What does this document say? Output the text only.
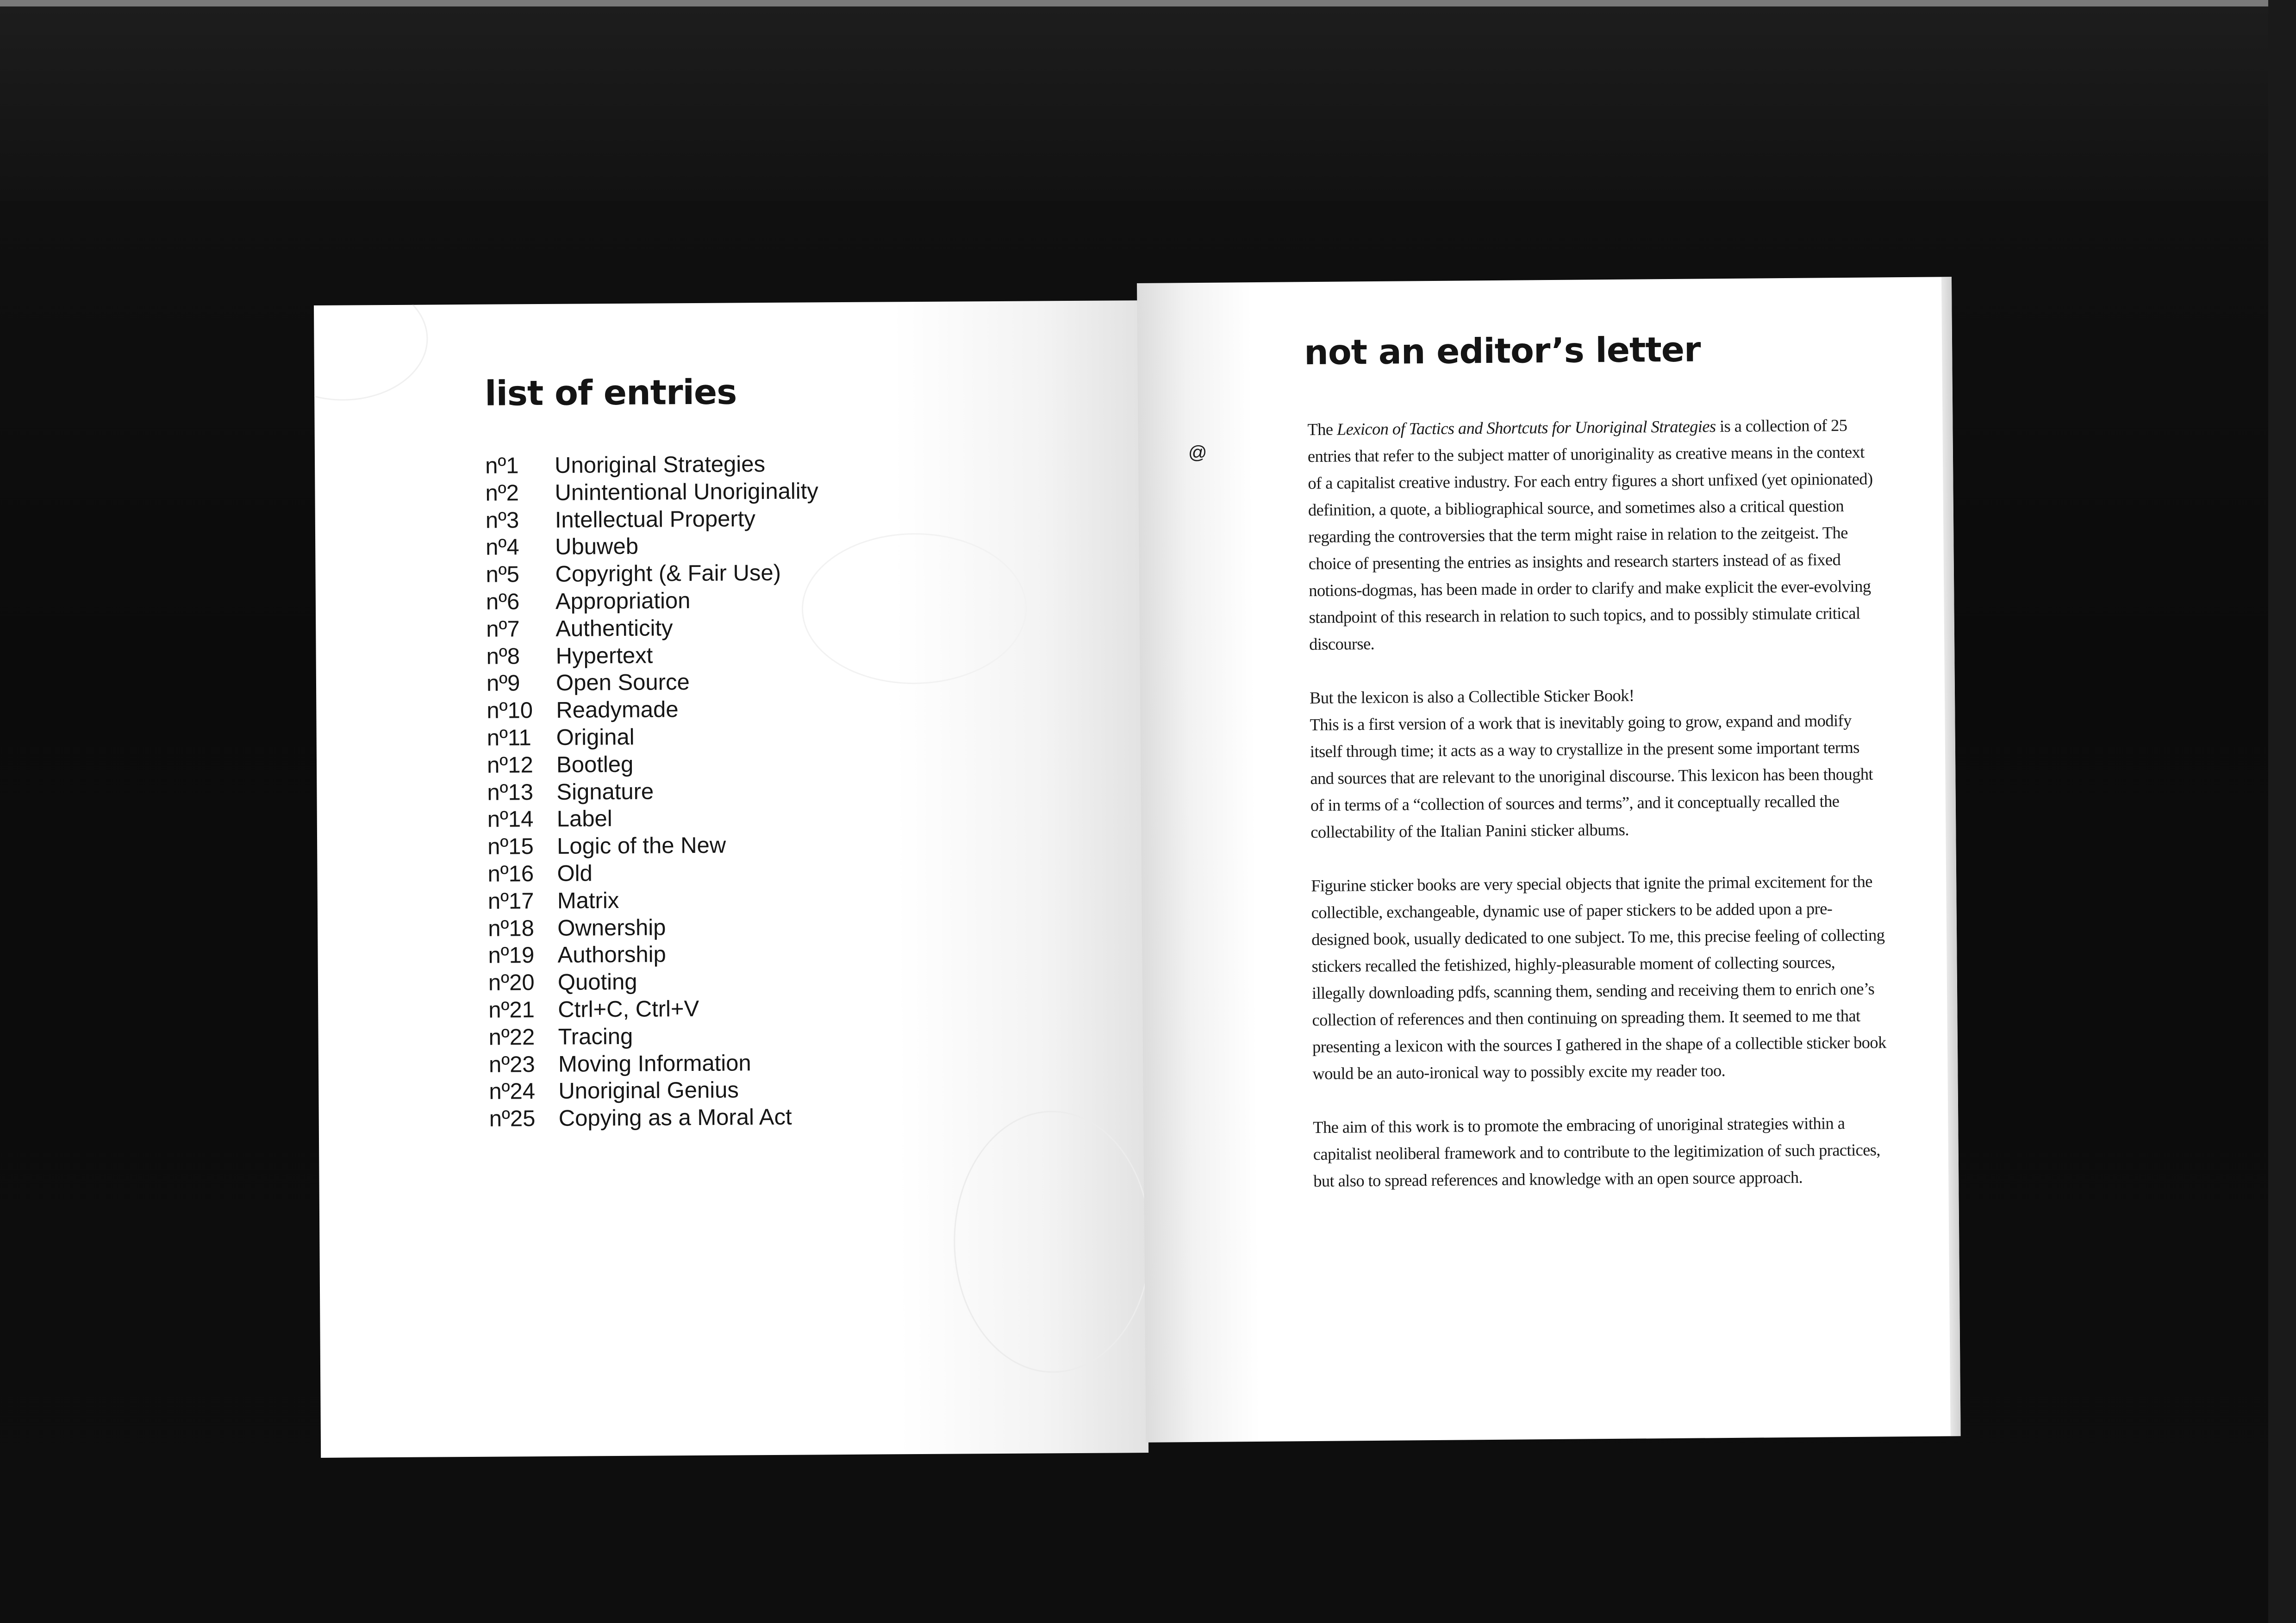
list of entries
nº1	Unoriginal Strategies
nº2	Unintentional Unoriginality
nº3	Intellectual Property
nº4	Ubuweb
nº5	Copyright (& Fair Use)
nº6	Appropriation
nº7	Authenticity
nº8	Hypertext
nº9	Open Source
nº10	Readymade
nº11	Original
nº12	Bootleg
nº13	Signature
nº14	Label
nº15	Logic of the New
nº16	Old
nº17	Matrix
nº18	Ownership
nº19	Authorship
nº20	Quoting
nº21	Ctrl+C, Ctrl+V
nº22	Tracing
nº23	Moving Information
nº24	Unoriginal Genius
nº25	Copying as a Moral Act
not an editor’s letter
@

The Lexicon of Tactics and Shortcuts for Unoriginal Strategies is a collection of 25 entries that refer to the subject matter of unoriginality as creative means in the context of a capitalist creative industry. For each entry figures a short unfixed (yet opinionated) definition, a quote, a bibliographical source, and sometimes also a critical question regarding the controversies that the term might raise in relation to the zeitgeist. The choice of presenting the entries as insights and research starters instead of as fixed notions-dogmas, has been made in order to clarify and make explicit the ever-evolving standpoint of this research in relation to such topics, and to possibly stimulate critical discourse.

But the lexicon is also a Collectible Sticker Book!
This is a first version of a work that is inevitably going to grow, expand and modify itself through time; it acts as a way to crystallize in the present some important terms and sources that are relevant to the unoriginal discourse. This lexicon has been thought of in terms of a “collection of sources and terms”, and it conceptually recalled the collectability of the Italian Panini sticker albums.

Figurine sticker books are very special objects that ignite the primal excitement for the collectible, exchangeable, dynamic use of paper stickers to be added upon a pre-designed book, usually dedicated to one subject. To me, this precise feeling of collecting stickers recalled the fetishized, highly-pleasurable moment of collecting sources, illegally downloading pdfs, scanning them, sending and receiving them to enrich one’s collection of references and then continuing on spreading them. It seemed to me that presenting a lexicon with the sources I gathered in the shape of a collectible sticker book would be an auto-ironical way to possibly excite my reader too.

The aim of this work is to promote the embracing of unoriginal strategies within a capitalist neoliberal framework and to contribute to the legitimization of such practices, but also to spread references and knowledge with an open source approach.
